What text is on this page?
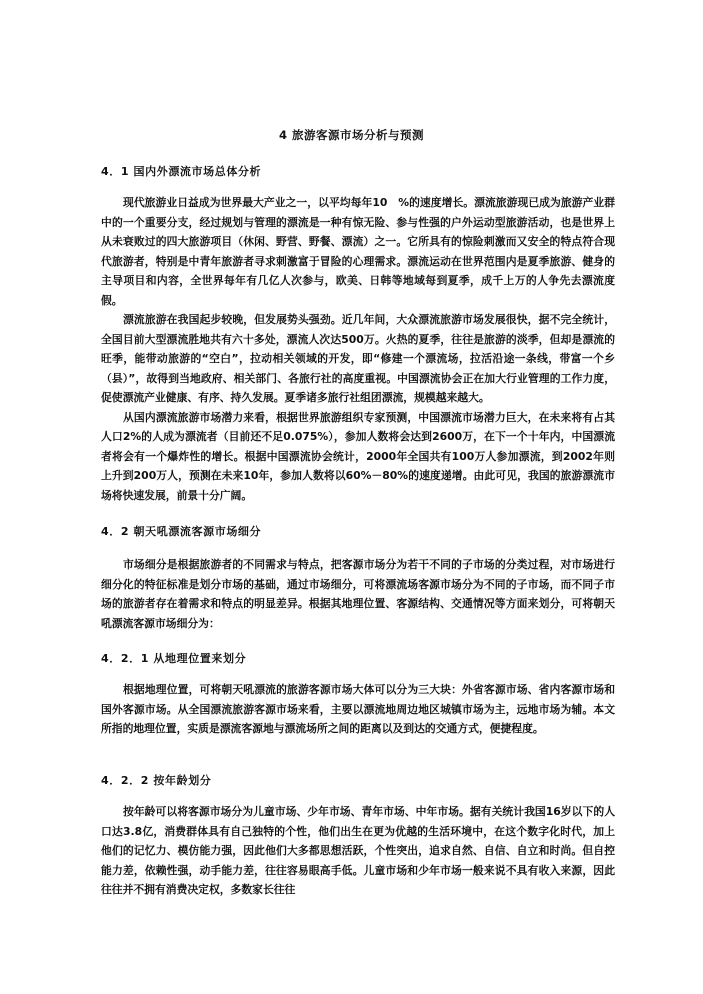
4 旅游客源市场分析与预测
4．1 国内外漂流市场总体分析

现代旅游业日益成为世界最大产业之一，以平均每年10　%的速度增长。漂流旅游现已成为旅游产业群中的一个重要分支，经过规划与管理的漂流是一种有惊无险、参与性强的户外运动型旅游活动，也是世界上从未衰败过的四大旅游项目（休闲、野营、野餐、漂流）之一。它所具有的惊险刺激而又安全的特点符合现代旅游者，特别是中青年旅游者寻求刺激富于冒险的心理需求。漂流运动在世界范围内是夏季旅游、健身的主导项目和内容，全世界每年有几亿人次参与，欧美、日韩等地域每到夏季，成千上万的人争先去漂流度假。

漂流旅游在我国起步较晚，但发展势头强劲。近几年间，大众漂流旅游市场发展很快，据不完全统计，全国目前大型漂流胜地共有六十多处，漂流人次达500万。火热的夏季，往往是旅游的淡季，但却是漂流的旺季，能带动旅游的“空白”，拉动相关领域的开发，即“修建一个漂流场，拉活沿途一条线，带富一个乡（县）”，故得到当地政府、相关部门、各旅行社的高度重视。中国漂流协会正在加大行业管理的工作力度，促使漂流产业健康、有序、持久发展。夏季诸多旅行社组团漂流，规模越来越大。

从国内漂流旅游市场潜力来看，根据世界旅游组织专家预测，中国漂流市场潜力巨大，在未来将有占其人口2%的人成为漂流者（目前还不足0.075%），参加人数将会达到2600万，在下一个十年内，中国漂流者将会有一个爆炸性的增长。根据中国漂流协会统计，2000年全国共有100万人参加漂流，到2002年则上升到200万人，预测在未来10年，参加人数将以60%－80%的速度递增。由此可见，我国的旅游漂流市场将快速发展，前景十分广阔。

4．2 朝天吼漂流客源市场细分

市场细分是根据旅游者的不同需求与特点，把客源市场分为若干不同的子市场的分类过程，对市场进行细分化的特征标准是划分市场的基础，通过市场细分，可将漂流场客源市场分为不同的子市场，而不同子市场的旅游者存在着需求和特点的明显差异。根据其地理位置、客源结构、交通情况等方面来划分，可将朝天吼漂流客源市场细分为：

4．2．1 从地理位置来划分

根据地理位置，可将朝天吼漂流的旅游客源市场大体可以分为三大块：外省客源市场、省内客源市场和国外客源市场。从全国漂流旅游客源市场来看，主要以漂流地周边地区城镇市场为主，远地市场为辅。本文所指的地理位置，实质是漂流客源地与漂流场所之间的距离以及到达的交通方式，便捷程度。

4．2．2 按年龄划分

按年龄可以将客源市场分为儿童市场、少年市场、青年市场、中年市场。据有关统计我国16岁以下的人口达3.8亿，消费群体具有自己独特的个性，他们出生在更为优越的生活环境中，在这个数字化时代，加上他们的记忆力、模仿能力强，因此他们大多都思想活跃，个性突出，追求自然、自信、自立和时尚。但自控能力差，依赖性强，动手能力差，往往容易眼高手低。儿童市场和少年市场一般来说不具有收入来源，因此往往并不拥有消费决定权，多数家长往往
